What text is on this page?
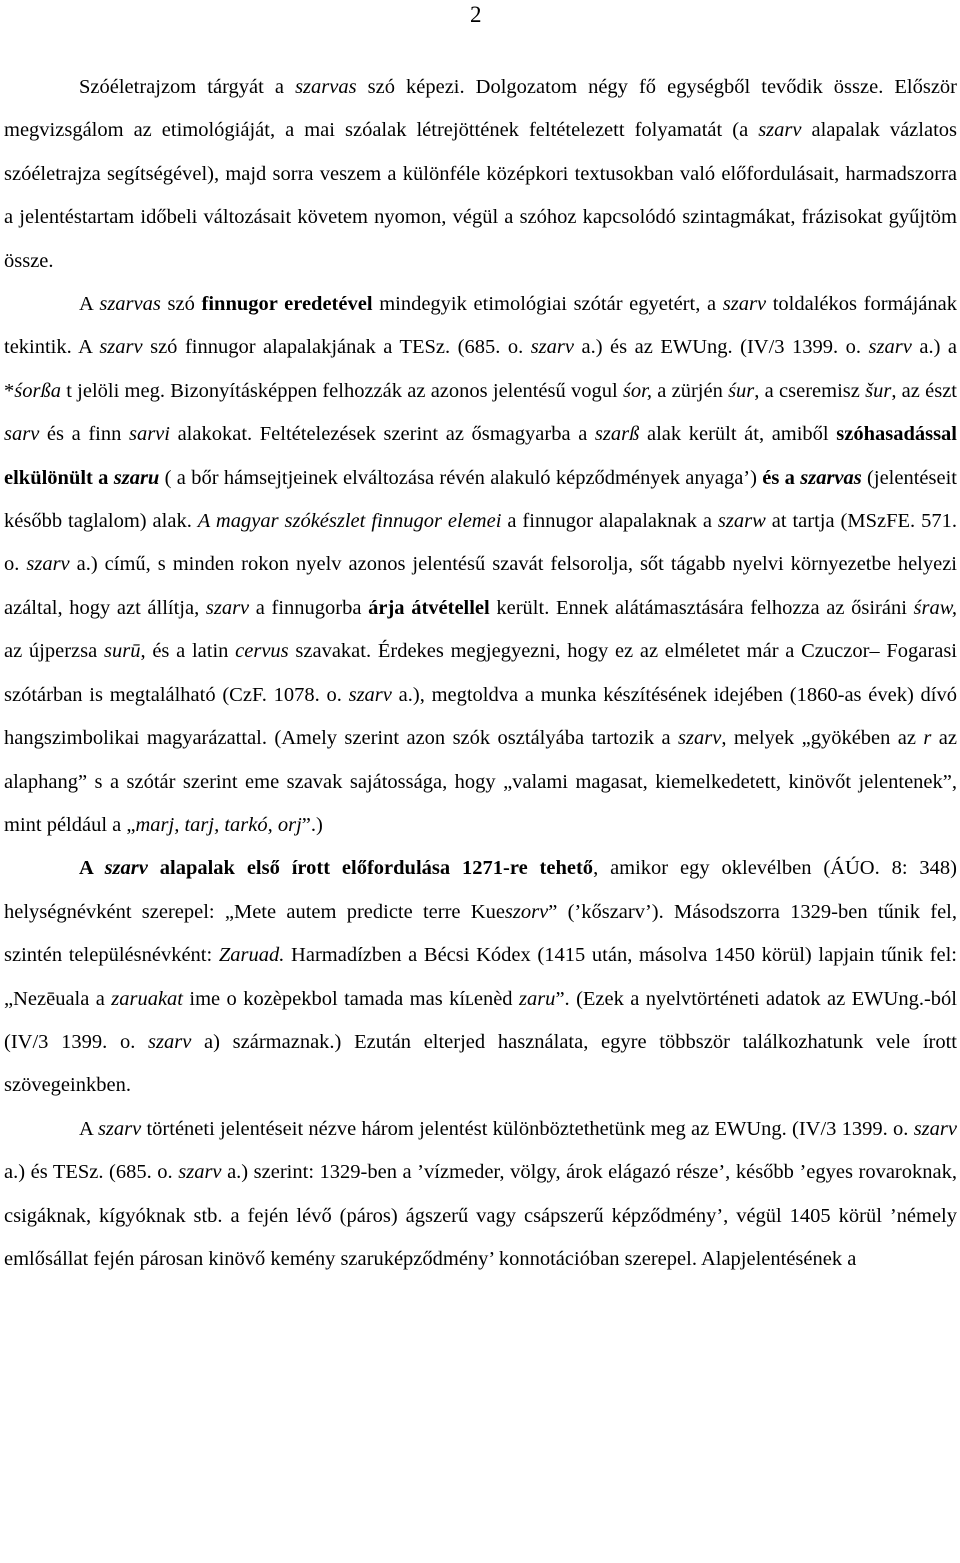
2

Szóéletrajzom tárgyát a szarvas szó képezi. Dolgozatom négy fő egységből tevődik össze. Először megvizsgálom az etimológiáját, a mai szóalak létrejöttének feltételezett folyamatát (a szarv alapalak vázlatos szóéletrajza segítségével), majd sorra veszem a különféle középkori textusokban való előfordulásait, harmadszorra a jelentéstartam időbeli változásait követem nyomon, végül a szóhoz kapcsolódó szintagmákat, frázisokat gyűjtöm össze.

A szarvas szó finnugor eredetével mindegyik etimológiai szótár egyetért, a szarv toldalékos formájának tekintik. A szarv szó finnugor alapalakjának a TESz. (685. o. szarv a.) és az EWUng. (IV/3 1399. o. szarv a.) a *śorßa t jelöli meg. Bizonyításképpen felhozzák az azonos jelentésű vogul śor, a zürjén śur, a cseremisz šur, az észt sarv és a finn sarvi alakokat. Feltételezések szerint az ősmagyarba a szarß alak került át, amiből szóhasadással elkülönült a szaru ( a bőr hámsejtjeinek elváltozása révén alakuló képződmények anyaga’) és a szarvas (jelentéseit később taglalom) alak. A magyar szókészlet finnugor elemei a finnugor alapalaknak a szarw at tartja (MSzFE. 571. o. szarv a.) című, s minden rokon nyelv azonos jelentésű szavát felsorolja, sőt tágabb nyelvi környezetbe helyezi azáltal, hogy azt állítja, szarv a finnugorba árja átvétellel került. Ennek alátámasztására felhozza az ősiráni śraw, az újperzsa surū, és a latin cervus szavakat. Érdekes megjegyezni, hogy ez az elméletet már a Czuczor– Fogarasi szótárban is megtalálható (CzF. 1078. o. szarv a.), megtoldva a munka készítésének idejében (1860-as évek) dívó hangszimbolikai magyarázattal. (Amely szerint azon szók osztályába tartozik a szarv, melyek „gyökében az r az alaphang” s a szótár szerint eme szavak sajátossága, hogy „valami magasat, kiemelkedetett, kinövőt jelentenek”, mint például a „marj, tarj, tarkó, orj”.)

A szarv alapalak első írott előfordulása 1271-re tehető, amikor egy oklevélben (ÁÚO. 8: 348) helységnévként szerepel: „Mete autem predicte terre Kueszorv” (’kőszarv’). Másodszorra 1329-ben tűnik fel, szintén településnévként: Zaruad. Harmadízben a Bécsi Kódex (1415 után, másolva 1450 körül) lapjain tűnik fel: „Nezēuala a zaruakat ime o kozèpekbol tamada mas kíʟenèd zaru”. (Ezek a nyelvtörténeti adatok az EWUng.-ból (IV/3 1399. o. szarv a) származnak.) Ezután elterjed használata, egyre többször találkozhatunk vele írott szövegeinkben.

A szarv történeti jelentéseit nézve három jelentést különböztethetünk meg az EWUng. (IV/3 1399. o. szarv a.) és TESz. (685. o. szarv a.) szerint: 1329-ben a ’vízmeder, völgy, árok elágazó része’, később ’egyes rovaroknak, csigáknak, kígyóknak stb. a fején lévő (páros) ágszerű vagy csápszerű képződmény’, végül 1405 körül ’némely emlősállat fején párosan kinövő kemény szaruképződmény’ konnotációban szerepel. Alapjelentésének a
